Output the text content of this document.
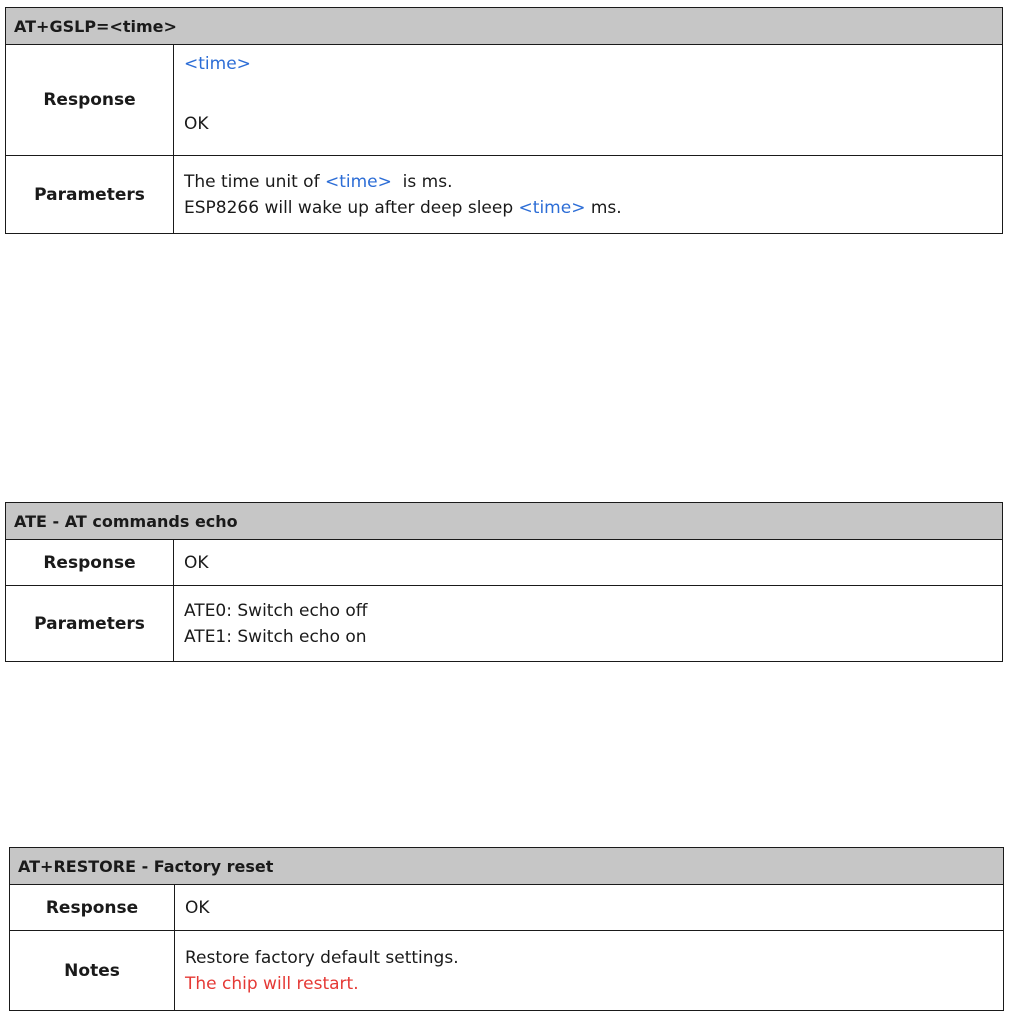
AT+GSLP=<time>	
Response	<time>
OK

Parameters	The time unit of <time>  is ms.
ESP8266 will wake up after deep sleep <time> ms.
ATE - AT commands echo	
Response	OK
Parameters	ATE0: Switch echo off
ATE1: Switch echo on
AT+RESTORE - Factory reset	
Response	OK
Notes	Restore factory default settings.
The chip will restart.
